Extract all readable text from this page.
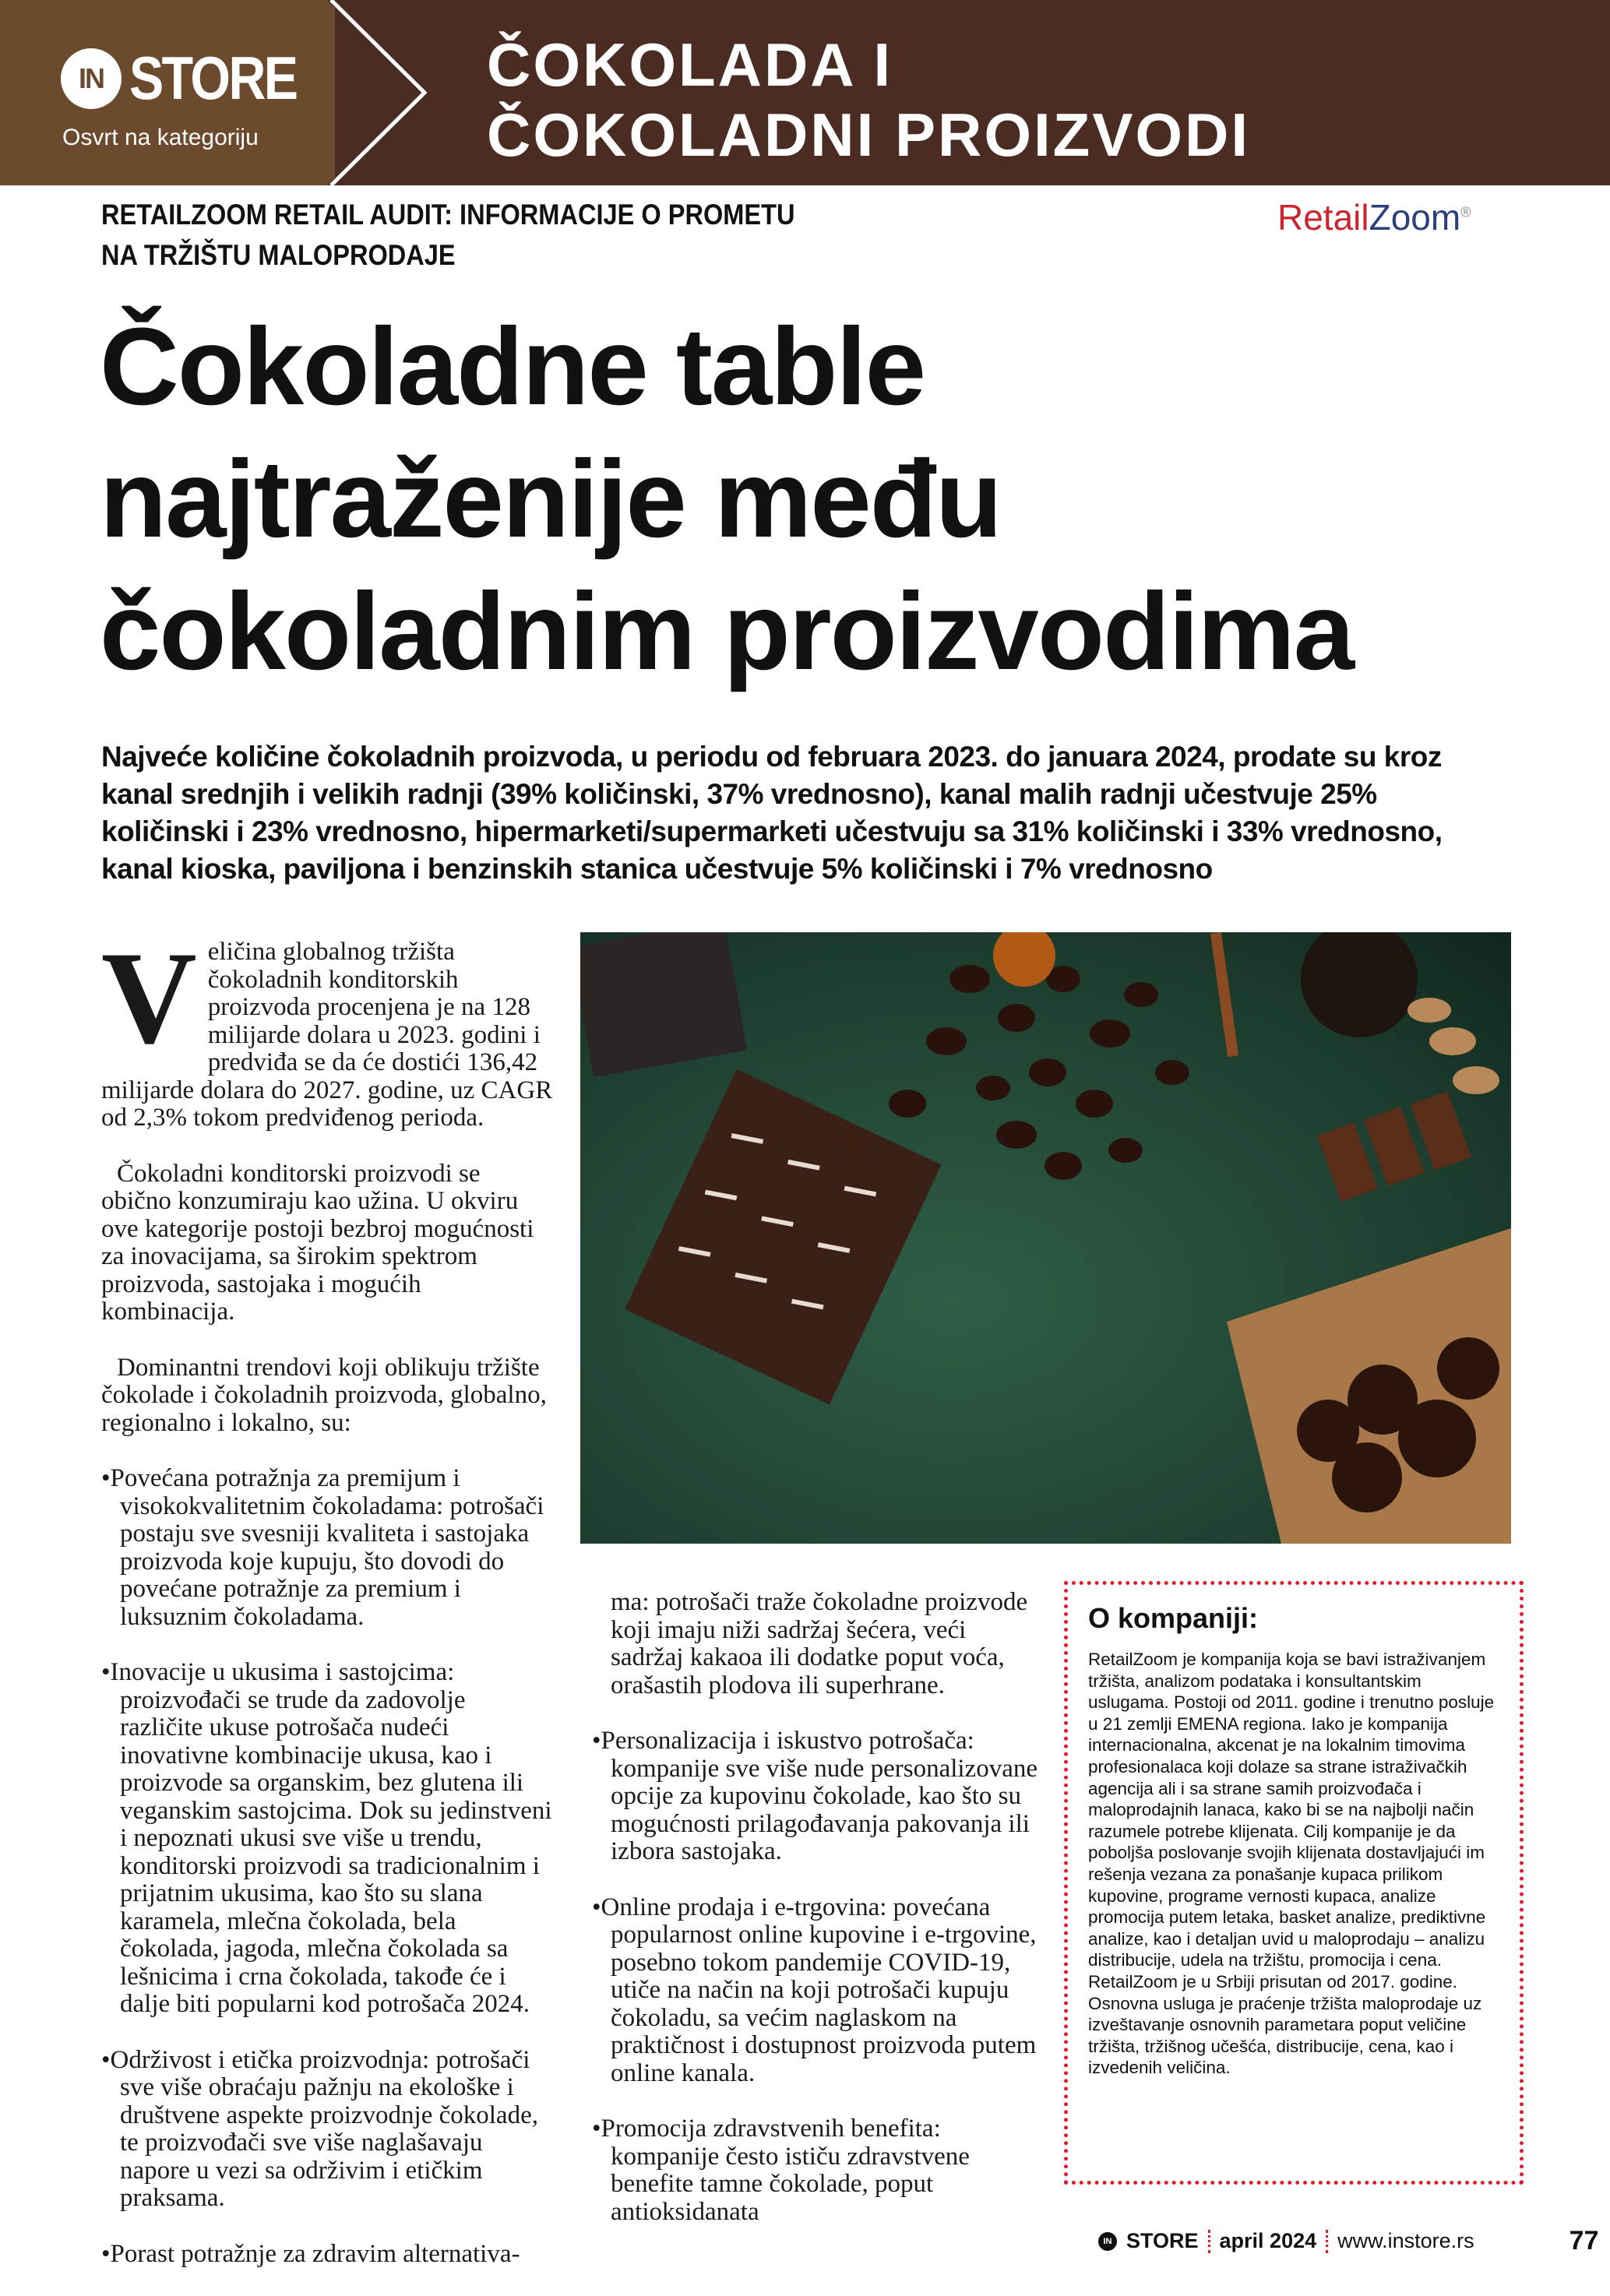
IN STORE
Osvrt na kategoriju
ČOKOLADA I
ČOKOLADNI PROIZVODI
RETAILZOOM RETAIL AUDIT: INFORMACIJE O PROMETU
NA TRŽIŠTU MALOPRODAJE
RetailZoom®
Čokoladne table
najtraženije među
čokoladnim proizvodima
Najveće količine čokoladnih proizvoda, u periodu od februara 2023. do januara 2024, prodate su kroz kanal srednjih i velikih radnji (39% količinski, 37% vrednosno), kanal malih radnji učestvuje 25% količinski i 23% vrednosno, hipermarketi/supermarketi učestvuju sa 31% količinski i 33% vrednosno, kanal kioska, paviljona i benzinskih stanica učestvuje 5% količinski i 7% vrednosno

Veličina globalnog tržišta čokoladnih konditorskih proizvoda procenjena je na 128 milijarde dolara u 2023. godini i predviđa se da će dostići 136,42 milijarde dolara do 2027. godine, uz CAGR od 2,3% tokom predviđenog perioda.

Čokoladni konditorski proizvodi se obično konzumiraju kao užina. U okviru ove kategorije postoji bezbroj mogućnosti za inovacijama, sa širokim spektrom proizvoda, sastojaka i mogućih kombinacija.

Dominantni trendovi koji oblikuju tržište čokolade i čokoladnih proizvoda, globalno, regionalno i lokalno, su:

•Povećana potražnja za premijum i visokokvalitetnim čokoladama: potrošači postaju sve svesniji kvaliteta i sastojaka proizvoda koje kupuju, što dovodi do povećane potražnje za premium i luksuznim čokoladama.

•Inovacije u ukusima i sastojcima: proizvođači se trude da zadovolje različite ukuse potrošača nudeći inovativne kombinacije ukusa, kao i proizvode sa organskim, bez glutena ili veganskim sastojcima. Dok su jedinstveni i nepoznati ukusi sve više u trendu, konditorski proizvodi sa tradicionalnim i prijatnim ukusima, kao što su slana karamela, mlečna čokolada, bela čokolada, jagoda, mlečna čokolada sa lešnicima i crna čokolada, takođe će i dalje biti popularni kod potrošača 2024.

•Održivost i etička proizvodnja: potrošači sve više obraćaju pažnju na ekološke i društvene aspekte proizvodnje čokolade, te proizvođači sve više naglašavaju napore u vezi sa održivim i etičkim praksama.

•Porast potražnje za zdravim alternativa-

ma: potrošači traže čokoladne proizvode koji imaju niži sadržaj šećera, veći sadržaj kakaoa ili dodatke poput voća, orašastih plodova ili superhrane.

•Personalizacija i iskustvo potrošača: kompanije sve više nude personalizovane opcije za kupovinu čokolade, kao što su mogućnosti prilagođavanja pakovanja ili izbora sastojaka.

•Online prodaja i e-trgovina: povećana popularnost online kupovine i e-trgovine, posebno tokom pandemije COVID-19, utiče na način na koji potrošači kupuju čokoladu, sa većim naglaskom na praktičnost i dostupnost proizvoda putem online kanala.

•Promocija zdravstvenih benefita: kompanije često ističu zdravstvene benefite tamne čokolade, poput antioksidanata

O kompaniji:

RetailZoom je kompanija koja se bavi istraživanjem tržišta, analizom podataka i konsultantskim uslugama. Postoji od 2011. godine i trenutno posluje u 21 zemlji EMENA regiona. Iako je kompanija internacionalna, akcenat je na lokalnim timovima profesionalaca koji dolaze sa strane istraživačkih agencija ali i sa strane samih proizvođača i maloprodajnih lanaca, kako bi se na najbolji način razumele potrebe klijenata. Cilj kompanije je da poboljša poslovanje svojih klijenata dostavljajući im rešenja vezana za ponašanje kupaca prilikom kupovine, programe vernosti kupaca, analize promocija putem letaka, basket analize, prediktivne analize, kao i detaljan uvid u maloprodaju – analizu distribucije, udela na tržištu, promocija i cena. RetailZoom je u Srbiji prisutan od 2017. godine. Osnovna usluga je praćenje tržišta maloprodaje uz izveštavanje osnovnih parametara poput veličine tržišta, tržišnog učešća, distribucije, cena, kao i izvedenih veličina.

IN STORE april 2024 www.instore.rs	77
